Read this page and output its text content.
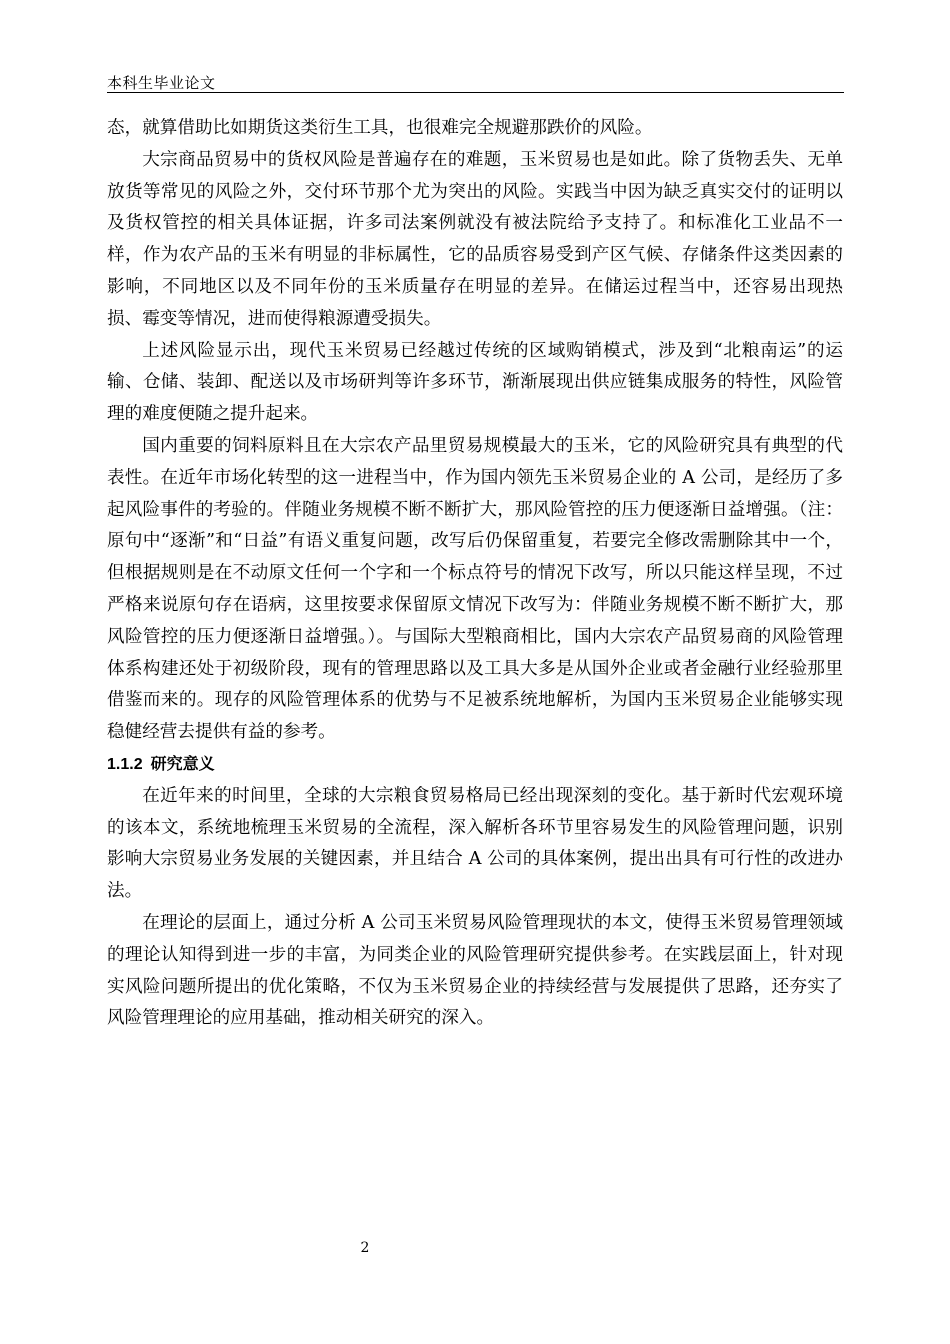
本科生毕业论文

态，就算借助比如期货这类衍生工具，也很难完全规避那跌价的风险。

大宗商品贸易中的货权风险是普遍存在的难题，玉米贸易也是如此。除了货物丢失、无单放货等常见的风险之外，交付环节那个尤为突出的风险。实践当中因为缺乏真实交付的证明以及货权管控的相关具体证据，许多司法案例就没有被法院给予支持了。和标准化工业品不一样，作为农产品的玉米有明显的非标属性，它的品质容易受到产区气候、存储条件这类因素的影响，不同地区以及不同年份的玉米质量存在明显的差异。在储运过程当中，还容易出现热损、霉变等情况，进而使得粮源遭受损失。

上述风险显示出，现代玉米贸易已经越过传统的区域购销模式，涉及到“北粮南运”的运输、仓储、装卸、配送以及市场研判等许多环节，渐渐展现出供应链集成服务的特性，风险管理的难度便随之提升起来。

国内重要的饲料原料且在大宗农产品里贸易规模最大的玉米，它的风险研究具有典型的代表性。在近年市场化转型的这一进程当中，作为国内领先玉米贸易企业的 A 公司，是经历了多起风险事件的考验的。伴随业务规模不断不断扩大，那风险管控的压力便逐渐日益增强。（注：原句中“逐渐”和“日益”有语义重复问题，改写后仍保留重复，若要完全修改需删除其中一个，但根据规则是在不动原文任何一个字和一个标点符号的情况下改写，所以只能这样呈现，不过严格来说原句存在语病，这里按要求保留原文情况下改写为：伴随业务规模不断不断扩大，那风险管控的压力便逐渐日益增强。）。与国际大型粮商相比，国内大宗农产品贸易商的风险管理体系构建还处于初级阶段，现有的管理思路以及工具大多是从国外企业或者金融行业经验那里借鉴而来的。现存的风险管理体系的优势与不足被系统地解析，为国内玉米贸易企业能够实现稳健经营去提供有益的参考。

1.1.2 研究意义

在近年来的时间里，全球的大宗粮食贸易格局已经出现深刻的变化。基于新时代宏观环境的该本文，系统地梳理玉米贸易的全流程，深入解析各环节里容易发生的风险管理问题，识别影响大宗贸易业务发展的关键因素，并且结合 A 公司的具体案例，提出出具有可行性的改进办法。

在理论的层面上，通过分析 A 公司玉米贸易风险管理现状的本文，使得玉米贸易管理领域的理论认知得到进一步的丰富，为同类企业的风险管理研究提供参考。在实践层面上，针对现实风险问题所提出的优化策略，不仅为玉米贸易企业的持续经营与发展提供了思路，还夯实了风险管理理论的应用基础，推动相关研究的深入。

2
